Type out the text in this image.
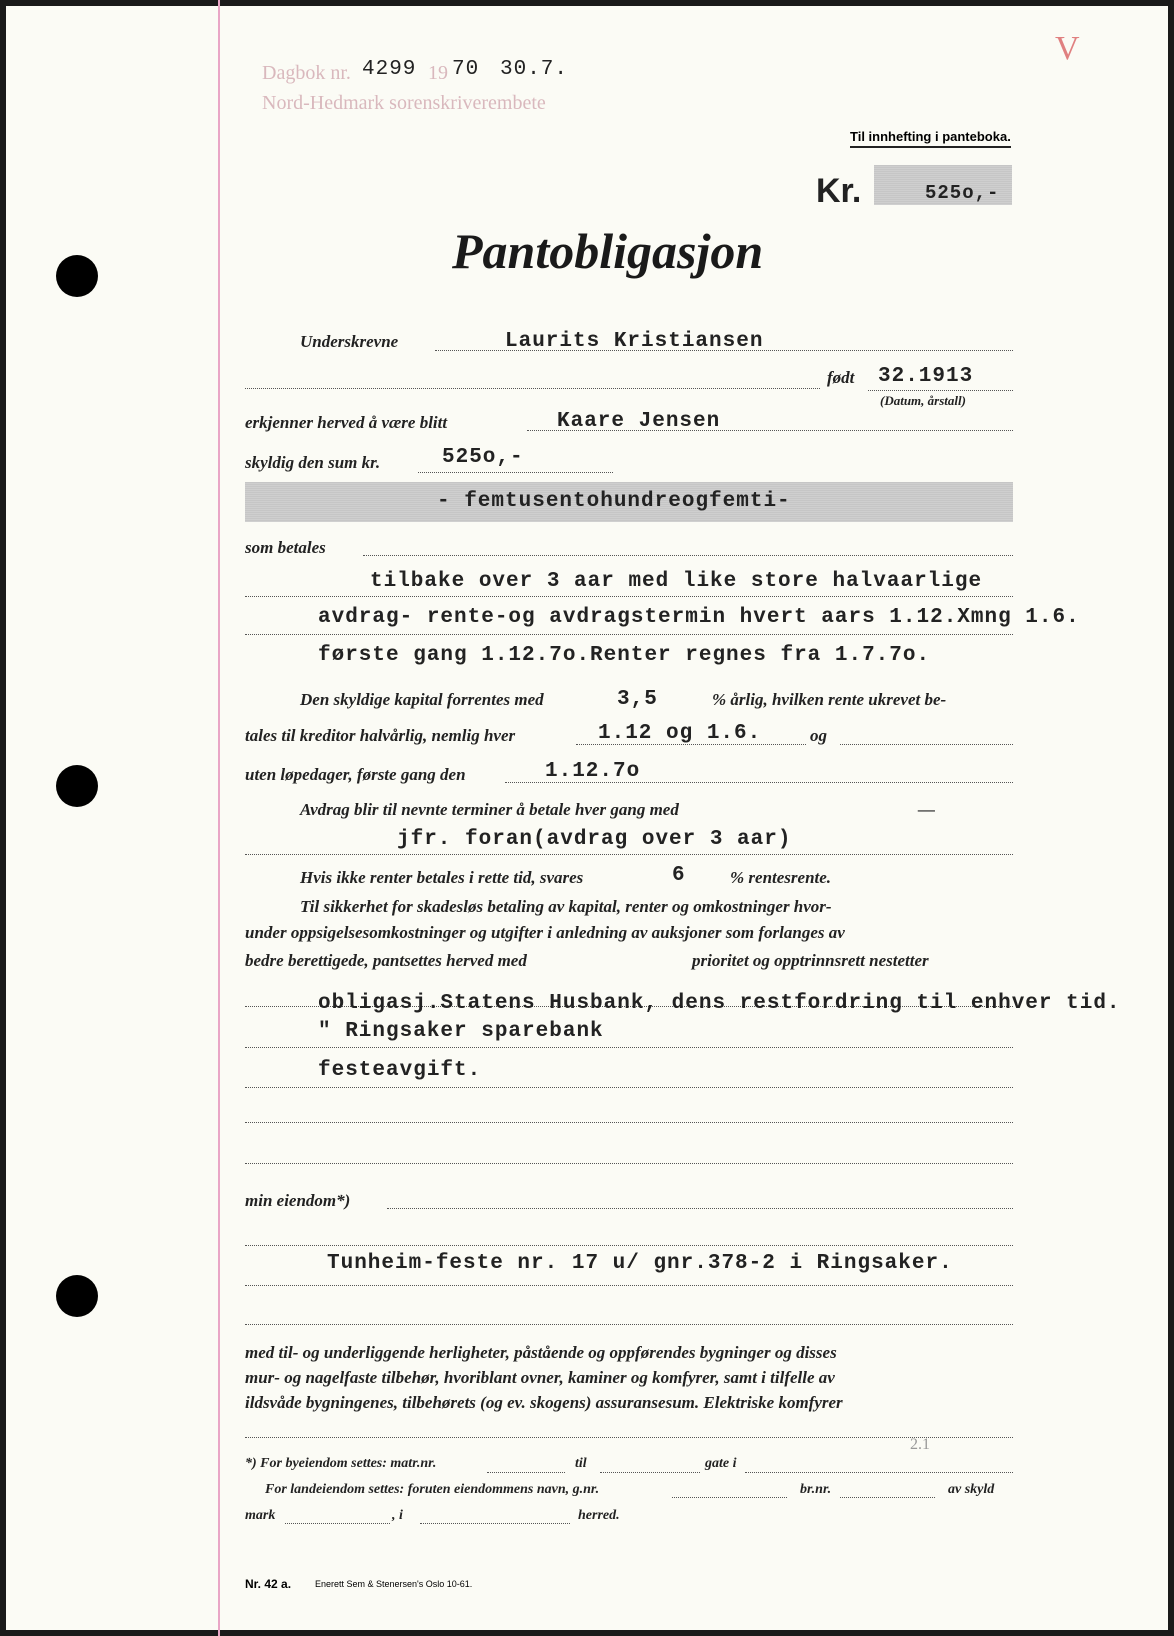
Dagbok nr. 4299 19 70 30.7.
Nord-Hedmark sorenskriverembete
V
Til innhefting i panteboka.
Kr.	525o,-
Pantobligasjon
Underskrevne	Laurits Kristiansen
født 32.1913
(Datum, årstall)
erkjenner herved å være blitt	Kaare Jensen
skyldig den sum kr.	525o,-
- femtusentohundreogfemti-
som betales
tilbake over 3 aar med like store halvaarlige
avdrag- rente-og avdragstermin hvert aars 1.12.Xmng 1.6.
første gang 1.12.7o.Renter regnes fra 1.7.7o.
Den skyldige kapital forrentes med	3,5	% årlig, hvilken rente ukrevet be-
tales til kreditor halvårlig, nemlig hver	1.12 og 1.6.	og
uten løpedager, første gang den	1.12.7o
Avdrag blir til nevnte terminer å betale hver gang med	—
jfr. foran(avdrag over 3 aar)
Hvis ikke renter betales i rette tid, svares	6	% rentesrente.
Til sikkerhet for skadesløs betaling av kapital, renter og omkostninger hvor-
under oppsigelsesomkostninger og utgifter i anledning av auksjoner som forlanges av
bedre berettigede, pantsettes herved med	prioritet og opptrinnsrett nestetter
obligasj.Statens Husbank, dens restfordring til enhver tid.
" Ringsaker sparebank
festeavgift.
min eiendom*)
Tunheim-feste nr. 17 u/ gnr.378-2 i Ringsaker.
med til- og underliggende herligheter, påstående og oppførendes bygninger og disses
mur- og nagelfaste tilbehør, hvoriblant ovner, kaminer og komfyrer, samt i tilfelle av
ildsvåde bygningenes, tilbehørets (og ev. skogens) assuransesum. Elektriske komfyrer
*) For byeiendom settes: matr.nr.	til	gate i
2.1
For landeiendom settes: foruten eiendommens navn, g.nr.	br.nr.	av skyld
mark	, i	herred.
Nr. 42 a.	Enerett Sem & Stenersen's Oslo 10-61.
